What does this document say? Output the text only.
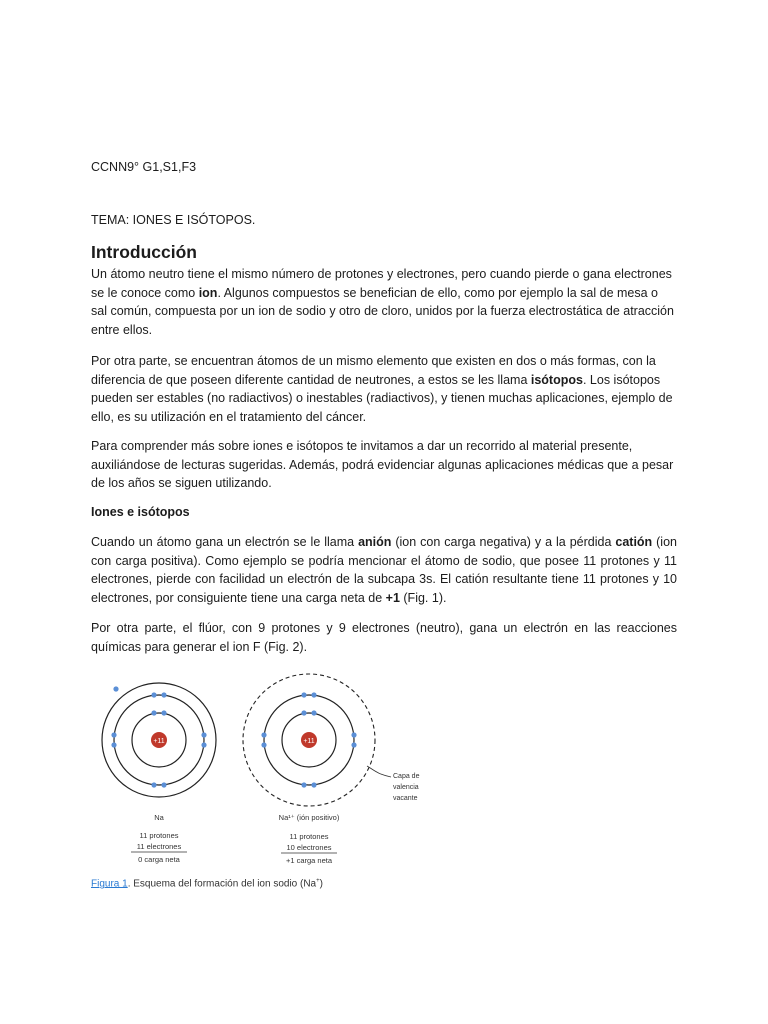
CCNN9° G1,S1,F3
TEMA: IONES E ISÓTOPOS.
Introducción

Un átomo neutro tiene el mismo número de protones y electrones, pero cuando pierde o gana electrones se le conoce como ion. Algunos compuestos se benefician de ello, como por ejemplo la sal de mesa o sal común, compuesta por un ion de sodio y otro de cloro, unidos por la fuerza electrostática de atracción entre ellos.

Por otra parte, se encuentran átomos de un mismo elemento que existen en dos o más formas, con la diferencia de que poseen diferente cantidad de neutrones, a estos se les llama isótopos. Los isótopos pueden ser estables (no radiactivos) o inestables (radiactivos), y tienen muchas aplicaciones, ejemplo de ello, es su utilización en el tratamiento del cáncer.

Para comprender más sobre iones e isótopos te invitamos a dar un recorrido al material presente, auxiliándose de lecturas sugeridas. Además, podrá evidenciar algunas aplicaciones médicas que a pesar de los años se siguen utilizando.

Iones e isótopos

Cuando un átomo gana un electrón se le llama anión (ion con carga negativa) y a la pérdida catión (ion con carga positiva). Como ejemplo se podría mencionar el átomo de sodio, que posee 11 protones y 11 electrones, pierde con facilidad un electrón de la subcapa 3s. El catión resultante tiene 11 protones y 10 electrones, por consiguiente tiene una carga neta de +1 (Fig. 1).

Por otra parte, el flúor, con 9 protones y 9 electrones (neutro), gana un electrón en las reacciones químicas para generar el ion F (Fig. 2).

+11
Na
11 protones
11 electrones
0 carga neta
+11
Capa de
valencia
vacante
Na¹⁺ (ión positivo)
11 protones
10 electrones
+1 carga neta
Figura 1. Esquema del formación del ion sodio (Na+)
